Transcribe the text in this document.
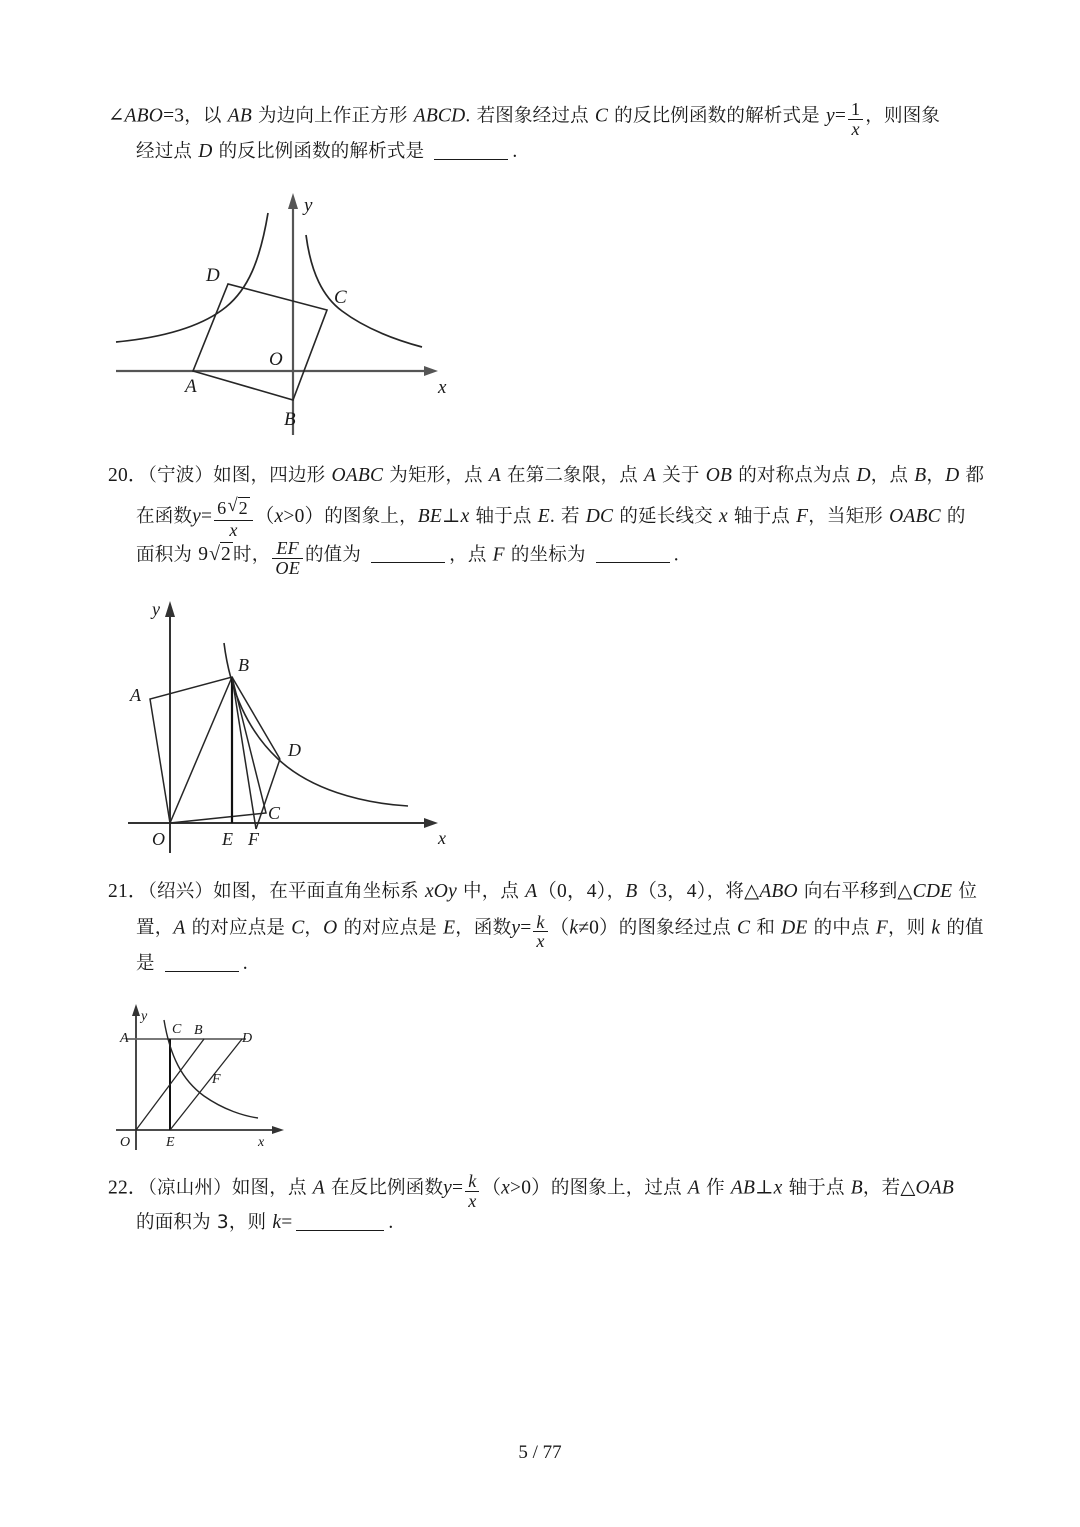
∠ABO=3，以 AB 为边向上作正方形 ABCD. 若图象经过点 C 的反比例函数的解析式是 $y= \frac{1}{x}$ ，则图象
经过点 D 的反比例函数的解析式是	.
A
B
C
D
O
x
y
20．（宁波）如图，四边形 OABC 为矩形，点 A 在第二象限，点 A 关于 OB 的对称点为点 D，点 B，D 都
在函数$y= \frac{6 √ 2}{x} (x>0)$的图象上，BE⊥x 轴于点 E. 若 DC 的延长线交 x 轴于点 F，当矩形 OABC 的
面积为 9 √ 2 时， $\frac{EF}{OE}$ 的值为	，点 F 的坐标为	.
A
B
C
D
E F
O	x
y
21．（绍兴）如图，在平面直角坐标系 xOy 中，点 A（0，4），B（3，4），将△ABO 向右平移到△CDE 位
置，A 的对应点是 C，O 的对应点是 E，函数$y= \frac{k}{x} (k\ne 0)$的图象经过点 C 和 DE 的中点 F，则 k 的值
是	.
A
B
C
D
E
F
O	x
y
22．（凉山州）如图，点 A 在反比例函数$y= \frac{k}{x} (x>0)$的图象上，过点 A 作 AB⊥x 轴于点 B，若△OAB
的面积为 3，则 k=	.
5 / 77
